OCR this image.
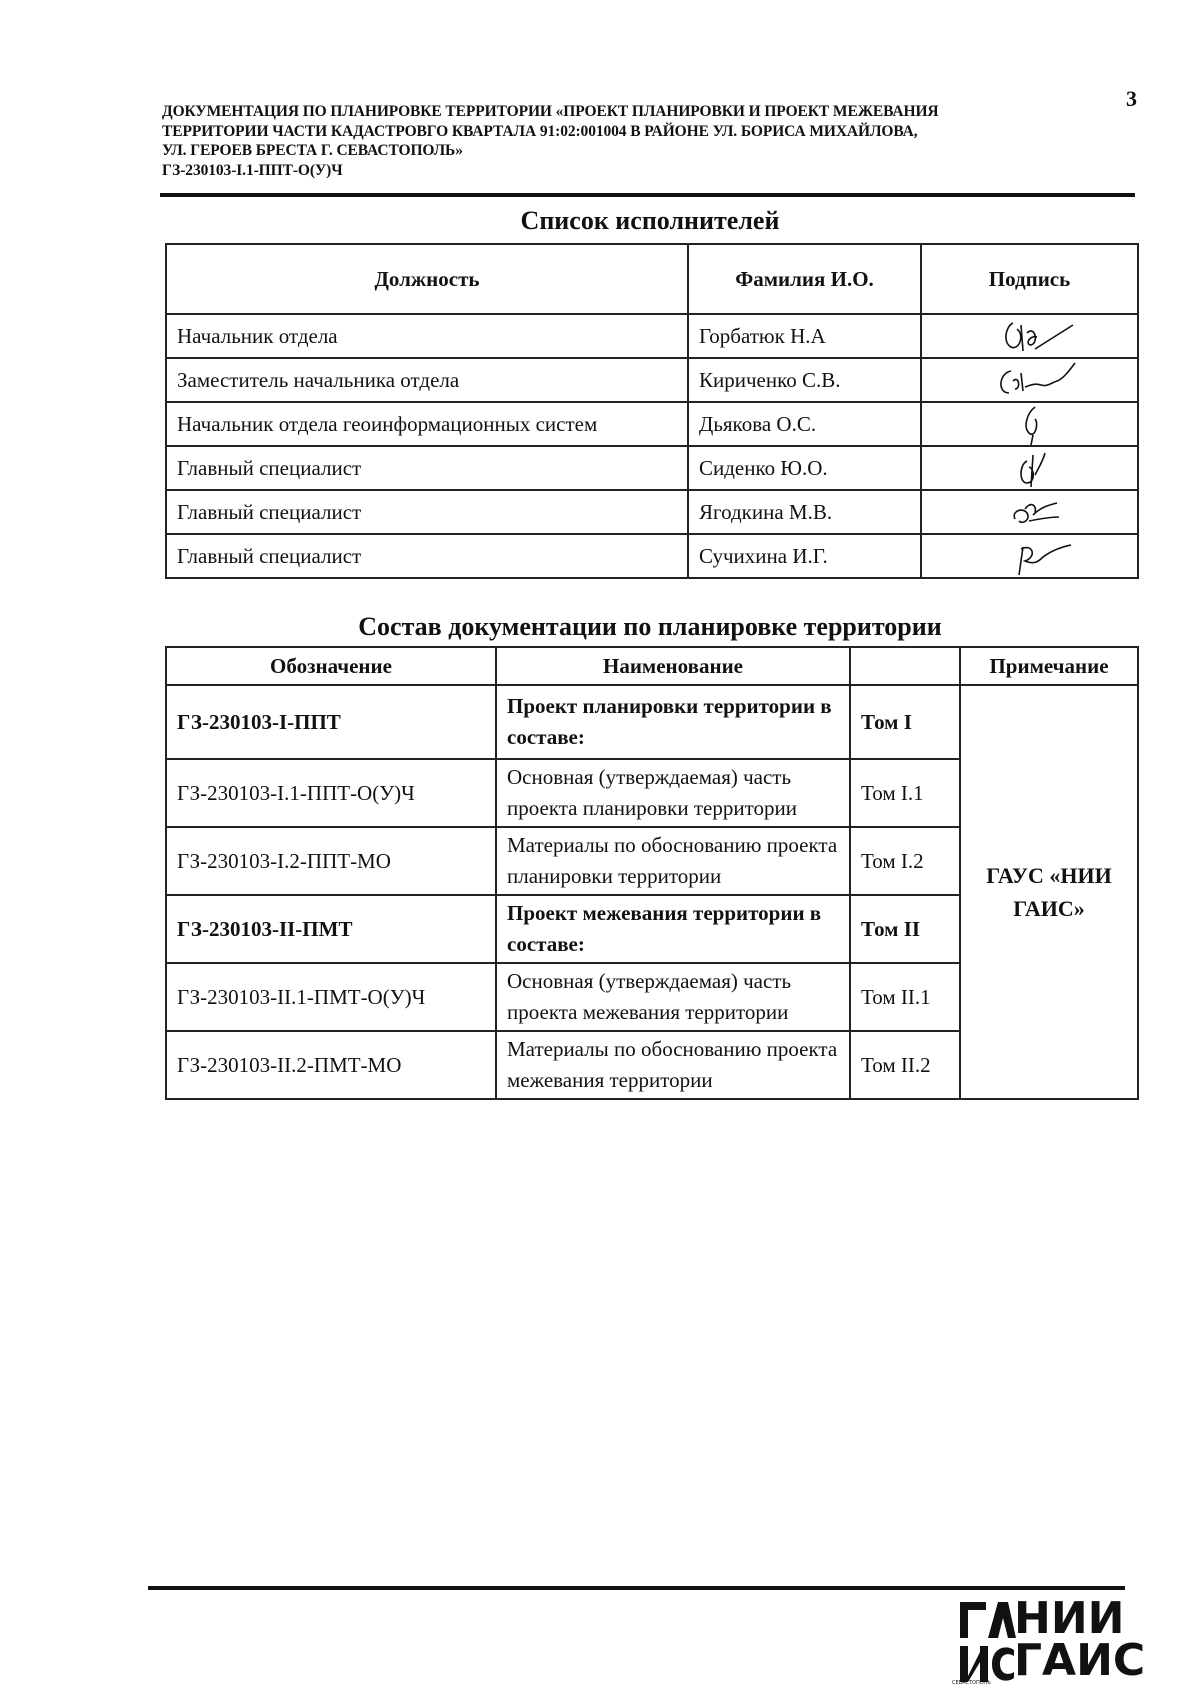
3
ДОКУМЕНТАЦИЯ ПО ПЛАНИРОВКЕ ТЕРРИТОРИИ «ПРОЕКТ ПЛАНИРОВКИ И ПРОЕКТ МЕЖЕВАНИЯ
ТЕРРИТОРИИ ЧАСТИ КАДАСТРОВГО КВАРТАЛА 91:02:001004 В РАЙОНЕ УЛ. БОРИСА МИХАЙЛОВА,
УЛ. ГЕРОЕВ БРЕСТА Г. СЕВАСТОПОЛЬ»
ГЗ-230103-І.1-ППТ-О(У)Ч
Список исполнителей
Должность	Фамилия И.О.	Подпись
Начальник отдела	Горбатюк Н.А	

Заместитель начальника отдела	Кириченко С.В.	

Начальник отдела геоинформационных систем	Дьякова О.С.	

Главный специалист	Сиденко Ю.О.	

Главный специалист	Ягодкина М.В.	

Главный специалист	Сучихина И.Г.	
Состав документации по планировке территории
Обозначение	Наименование		Примечание
ГЗ-230103-І-ППТ	Проект планировки территории в составе:	Том І	ГАУС «НИИ ГАИС»
ГЗ-230103-І.1-ППТ-О(У)Ч	Основная (утверждаемая) часть проекта планировки территории	Том І.1	
ГЗ-230103-І.2-ППТ-МО	Материалы по обоснованию проекта планировки территории	Том І.2	
ГЗ-230103-ІІ-ПМТ	Проект межевания территории в составе:	Том ІІ	
ГЗ-230103-ІІ.1-ПМТ-О(У)Ч	Основная (утверждаемая) часть проекта межевания территории	Том ІІ.1	
ГЗ-230103-ІІ.2-ПМТ-МО	Материалы по обоснованию проекта межевания территории	Том ІІ.2	
НИИ
ГАИС
СЕВАСТОПОЛЬ
